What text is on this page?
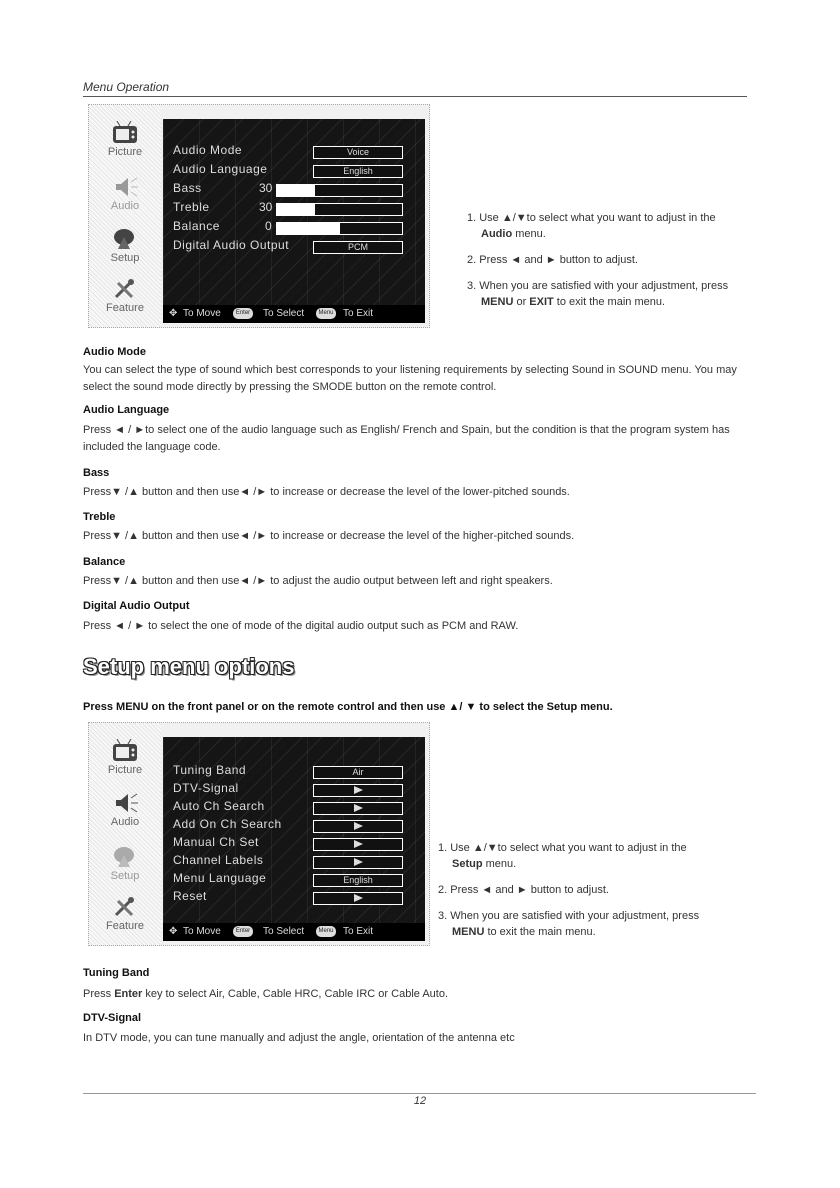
Menu Operation
Picture
Audio
Setup
Feature
Audio Mode	Voice
Audio Language	English
Bass	30
Treble	30
Balance	0
Digital Audio Output	PCM
✥ To Move	Enter To Select	Menu To Exit

1. Use ▲/▼to select what you want to adjust in the
Audio menu.

2. Press ◄ and ► button to adjust.

3. When you are satisfied with your adjustment, press
MENU or EXIT to exit the main menu.

Audio Mode
You can select the type of sound which best corresponds to your listening requirements by selecting Sound in SOUND menu. You may select the sound mode directly by pressing the SMODE button on the remote control.
Audio Language
Press ◄ / ►to select one of the audio language such as English/ French and Spain, but the condition is that the program system has included the language code.
Bass
Press▼ /▲ button and then use◄ /► to increase or decrease the level of the lower-pitched sounds.
Treble
Press▼ /▲ button and then use◄ /► to increase or decrease the level of the higher-pitched sounds.
Balance
Press▼ /▲ button and then use◄ /► to adjust the audio output between left and right speakers.
Digital Audio Output
Press ◄ / ► to select the one of mode of the digital audio output such as PCM and RAW.
Setup menu options
Press MENU on the front panel or on the remote control and then use ▲/ ▼ to select the Setup menu.
Picture
Audio
Setup
Feature
Tuning Band	Air
DTV-Signal
Auto Ch Search
Add On Ch Search
Manual Ch Set
Channel Labels
Menu Language	English
Reset
✥ To Move	Enter To Select	Menu To Exit

1. Use ▲/▼to select what you want to adjust in the
Setup menu.

2. Press ◄ and ► button to adjust.

3. When you are satisfied with your adjustment, press
MENU to exit the main menu.

Tuning Band
Press Enter key to select Air, Cable, Cable HRC, Cable IRC or Cable Auto.
DTV-Signal
In DTV mode, you can tune manually and adjust the angle, orientation of the antenna etc
12
